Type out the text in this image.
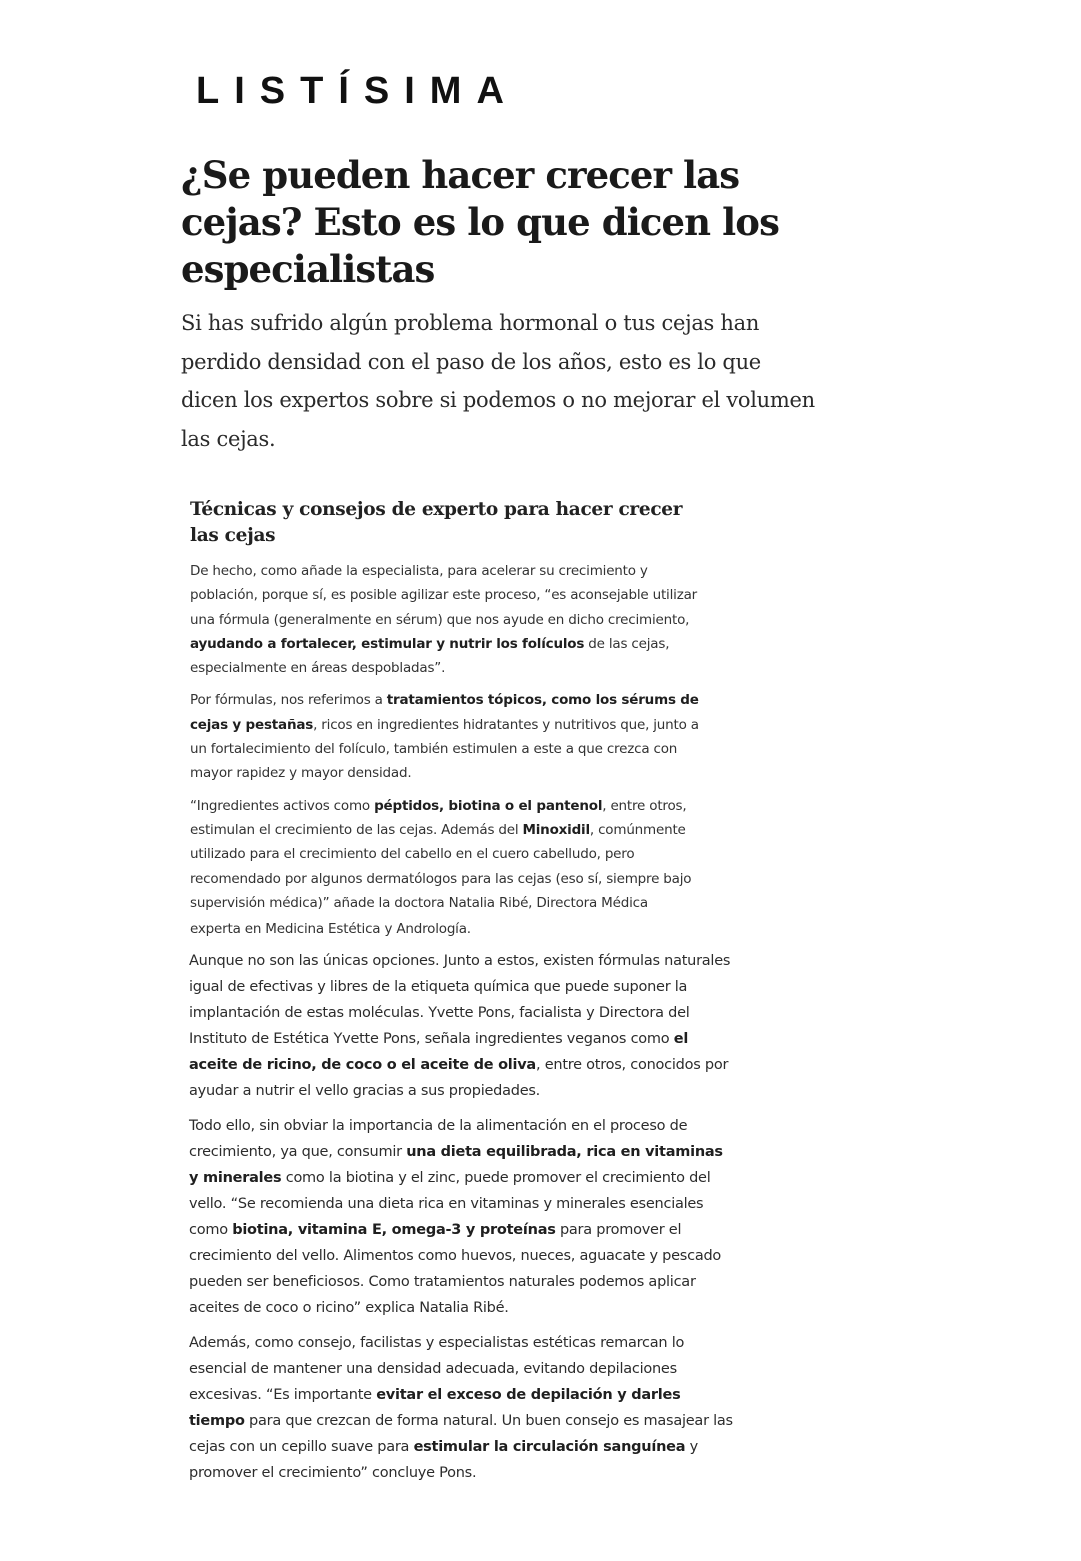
LISTÍSIMA
¿Se pueden hacer crecer las cejas? Esto es lo que dicen los especialistas

Si has sufrido algún problema hormonal o tus cejas han perdido densidad con el paso de los años, esto es lo que dicen los expertos sobre si podemos o no mejorar el volumen las cejas.

Técnicas y consejos de experto para hacer crecer las cejas

De hecho, como añade la especialista, para acelerar su crecimiento y población, porque sí, es posible agilizar este proceso, “es aconsejable utilizar una fórmula (generalmente en sérum) que nos ayude en dicho crecimiento, ayudando a fortalecer, estimular y nutrir los folículos de las cejas, especialmente en áreas despobladas”.

Por fórmulas, nos referimos a tratamientos tópicos, como los sérums de cejas y pestañas, ricos en ingredientes hidratantes y nutritivos que, junto a un fortalecimiento del folículo, también estimulen a este a que crezca con mayor rapidez y mayor densidad.

“Ingredientes activos como péptidos, biotina o el pantenol, entre otros, estimulan el crecimiento de las cejas. Además del Minoxidil, comúnmente utilizado para el crecimiento del cabello en el cuero cabelludo, pero recomendado por algunos dermatólogos para las cejas (eso sí, siempre bajo supervisión médica)” añade la doctora Natalia Ribé, Directora Médica

experta en Medicina Estética y Andrología.

Aunque no son las únicas opciones. Junto a estos, existen fórmulas naturales igual de efectivas y libres de la etiqueta química que puede suponer la implantación de estas moléculas. Yvette Pons, facialista y Directora del Instituto de Estética Yvette Pons, señala ingredientes veganos como el aceite de ricino, de coco o el aceite de oliva, entre otros, conocidos por ayudar a nutrir el vello gracias a sus propiedades.

Todo ello, sin obviar la importancia de la alimentación en el proceso de crecimiento, ya que, consumir una dieta equilibrada, rica en vitaminas y minerales como la biotina y el zinc, puede promover el crecimiento del vello. “Se recomienda una dieta rica en vitaminas y minerales esenciales como biotina, vitamina E, omega-3 y proteínas para promover el crecimiento del vello. Alimentos como huevos, nueces, aguacate y pescado pueden ser beneficiosos. Como tratamientos naturales podemos aplicar aceites de coco o ricino” explica Natalia Ribé.

Además, como consejo, facilistas y especialistas estéticas remarcan lo esencial de mantener una densidad adecuada, evitando depilaciones excesivas. “Es importante evitar el exceso de depilación y darles tiempo para que crezcan de forma natural. Un buen consejo es masajear las cejas con un cepillo suave para estimular la circulación sanguínea y promover el crecimiento” concluye Pons.
